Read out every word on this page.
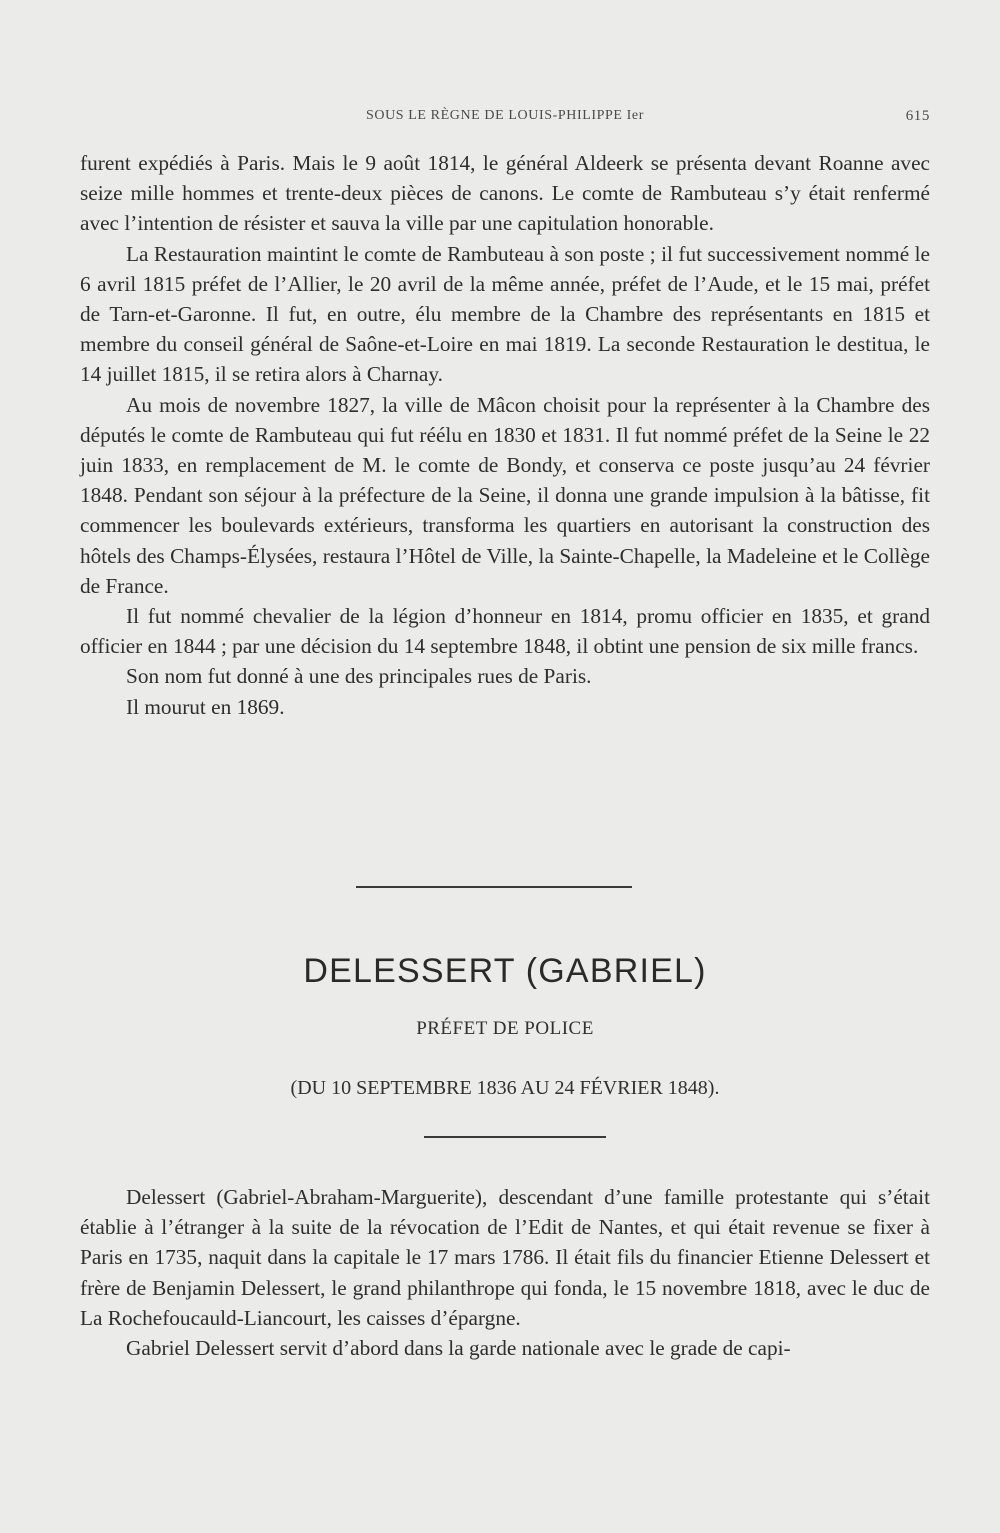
SOUS LE RÈGNE DE LOUIS-PHILIPPE Ier	615

furent expédiés à Paris. Mais le 9 août 1814, le général Aldeerk se présenta devant Roanne avec seize mille hommes et trente-deux pièces de canons. Le comte de Rambuteau s’y était renfermé avec l’intention de résister et sauva la ville par une capitulation honorable.

La Restauration maintint le comte de Rambuteau à son poste ; il fut successivement nommé le 6 avril 1815 préfet de l’Allier, le 20 avril de la même année, préfet de l’Aude, et le 15 mai, préfet de Tarn-et-Garonne. Il fut, en outre, élu membre de la Chambre des représentants en 1815 et membre du conseil général de Saône-et-Loire en mai 1819. La seconde Restauration le destitua, le 14 juillet 1815, il se retira alors à Charnay.

Au mois de novembre 1827, la ville de Mâcon choisit pour la représenter à la Chambre des députés le comte de Rambuteau qui fut réélu en 1830 et 1831. Il fut nommé préfet de la Seine le 22 juin 1833, en remplacement de M. le comte de Bondy, et conserva ce poste jusqu’au 24 février 1848. Pendant son séjour à la préfecture de la Seine, il donna une grande impulsion à la bâtisse, fit commencer les boulevards extérieurs, transforma les quartiers en autorisant la construction des hôtels des Champs-Élysées, restaura l’Hôtel de Ville, la Sainte-Chapelle, la Madeleine et le Collège de France.

Il fut nommé chevalier de la légion d’honneur en 1814, promu officier en 1835, et grand officier en 1844 ; par une décision du 14 septembre 1848, il obtint une pension de six mille francs.

Son nom fut donné à une des principales rues de Paris.

Il mourut en 1869.

DELESSERT (GABRIEL)
PRÉFET DE POLICE
(DU 10 SEPTEMBRE 1836 AU 24 FÉVRIER 1848).

Delessert (Gabriel-Abraham-Marguerite), descendant d’une famille protestante qui s’était établie à l’étranger à la suite de la révocation de l’Edit de Nantes, et qui était revenue se fixer à Paris en 1735, naquit dans la capitale le 17 mars 1786. Il était fils du financier Etienne Delessert et frère de Benjamin Delessert, le grand philanthrope qui fonda, le 15 novembre 1818, avec le duc de La Rochefoucauld-Liancourt, les caisses d’épargne.

Gabriel Delessert servit d’abord dans la garde nationale avec le grade de capi-
